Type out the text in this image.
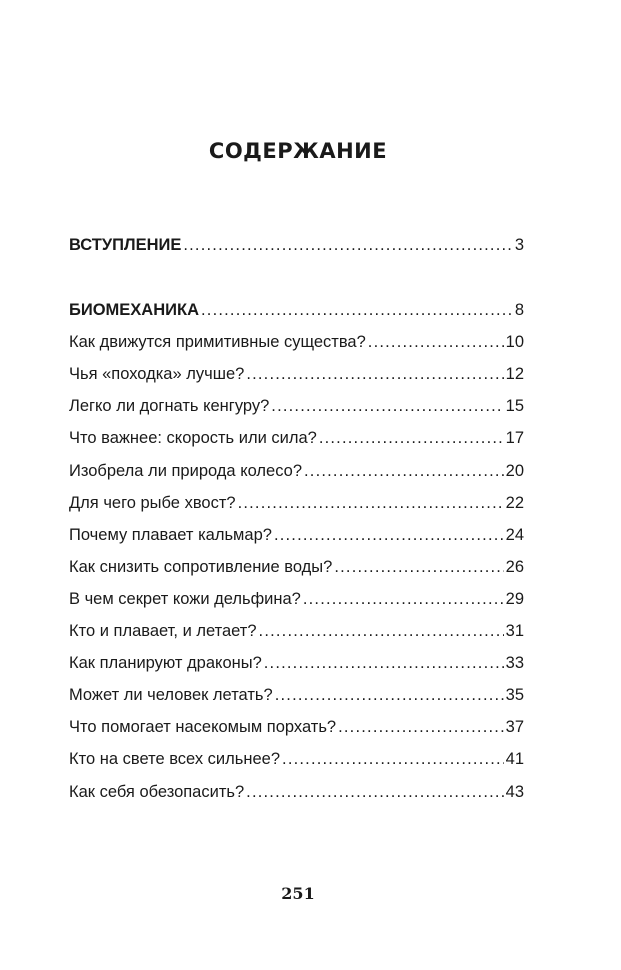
СОДЕРЖАНИЕ
ВСТУПЛЕНИЕ .....	3
БИОМЕХАНИКА .....	8
Как движутся примитивные существа? .....	10
Чья «походка» лучше? .....	12
Легко ли догнать кенгуру? .....	15
Что важнее: скорость или сила? .....	17
Изобрела ли природа колесо? .....	20
Для чего рыбе хвост? .....	22
Почему плавает кальмар? .....	24
Как снизить сопротивление воды? .....	26
В чем секрет кожи дельфина? .....	29
Кто и плавает, и летает? .....	31
Как планируют драконы? .....	33
Может ли человек летать? .....	35
Что помогает насекомым порхать? .....	37
Кто на свете всех сильнее? .....	41
Как себя обезопасить? .....	43
251
